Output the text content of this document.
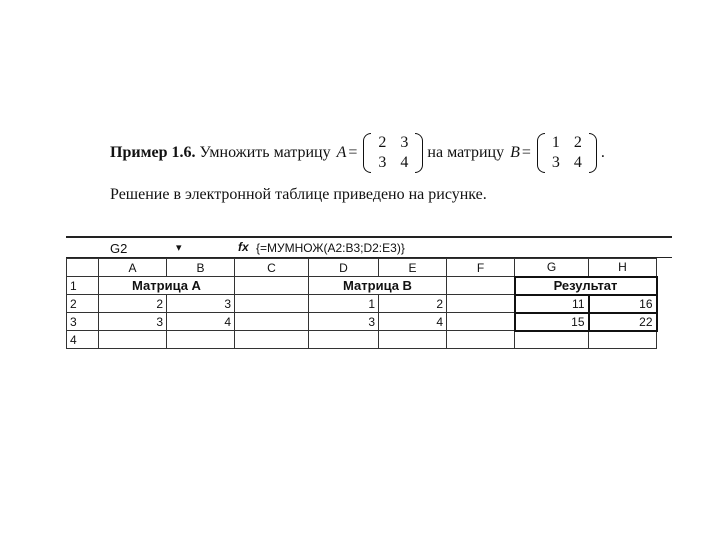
Пример 1.6.
Умножить матрицу A =
2 3
3 4
на матрицу B =
1 2
3 4
.
Решение в электронной таблице приведено на рисунке.
G2	▾	fx {=МУМНОЖ(A2:B3;D2:E3)}
	A	B	C	D	E	F	G	H
1	Матрица A			Матрица B			Результат	
2	2	3		1	2		11	16
3	3	4		3	4		15	22
4								
